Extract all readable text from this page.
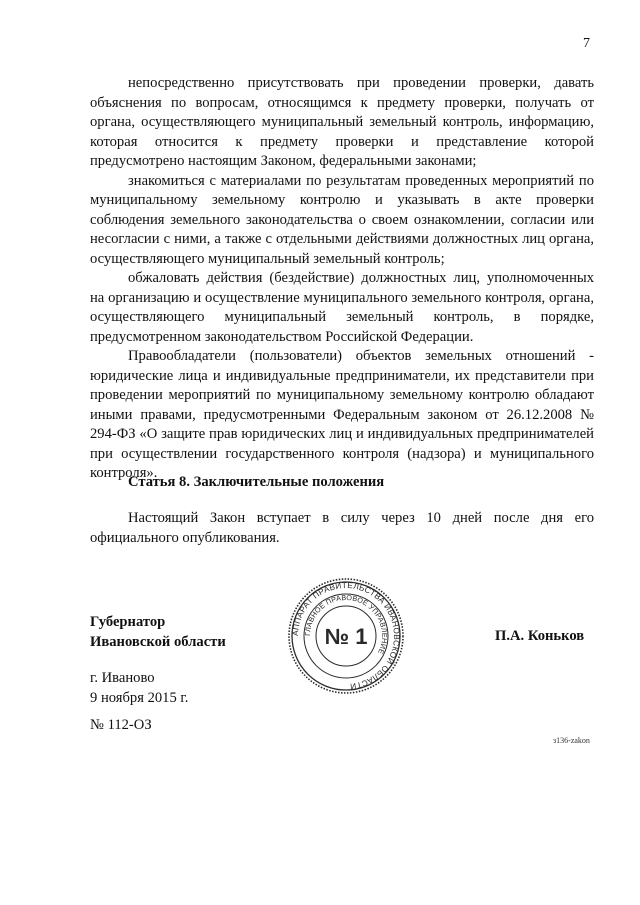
7

непосредственно присутствовать при проведении проверки, давать объяснения по вопросам, относящимся к предмету проверки, получать от органа, осуществляющего муниципальный земельный контроль, информацию, которая относится к предмету проверки и представление которой предусмотрено настоящим Законом, федеральными законами;

знакомиться с материалами по результатам проведенных мероприятий по муниципальному земельному контролю и указывать в акте проверки соблюдения земельного законодательства о своем ознакомлении, согласии или несогласии с ними, а также с отдельными действиями должностных лиц органа, осуществляющего муниципальный земельный контроль;

обжаловать действия (бездействие) должностных лиц, уполномоченных на организацию и осуществление муниципального земельного контроля, органа, осуществляющего муниципальный земельный контроль, в порядке, предусмотренном законодательством Российской Федерации.

Правообладатели (пользователи) объектов земельных отношений - юридические лица и индивидуальные предприниматели, их представители при проведении мероприятий по муниципальному земельному контролю обладают иными правами, предусмотренными Федеральным законом от 26.12.2008 № 294-ФЗ «О защите прав юридических лиц и индивидуальных предпринимателей при осуществлении государственного контроля (надзора) и муниципального контроля».

Статья 8. Заключительные положения

Настоящий Закон вступает в силу через 10 дней после дня его официального опубликования.

Губернатор
Ивановской области
АППАРАТ ПРАВИТЕЛЬСТВА ИВАНОВСКОЙ ОБЛАСТИ
ГЛАВНОЕ ПРАВОВОЕ УПРАВЛЕНИЕ
№ 1	П.А. Коньков
г. Иваново
9 ноября 2015 г.
№ 112-ОЗ
з136-zakon
